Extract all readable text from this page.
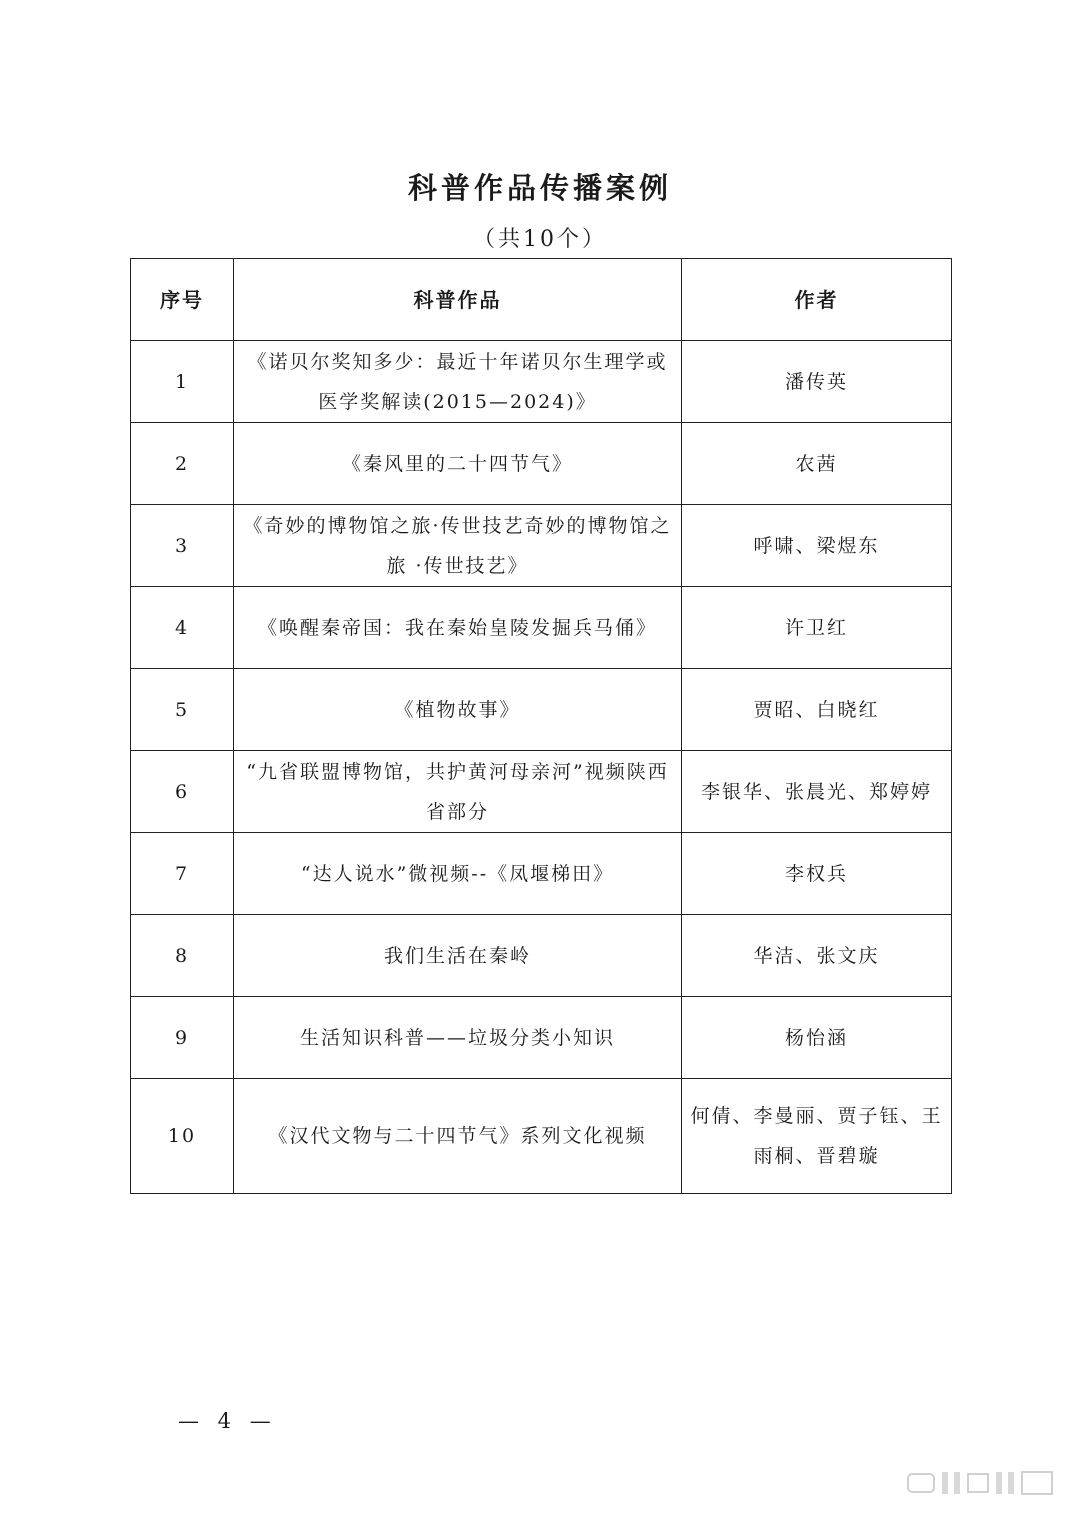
科普作品传播案例
（共10个）
序号	科普作品	作者
1	《诺贝尔奖知多少：最近十年诺贝尔生理学或医学奖解读(2015—2024)》	潘传英
2	《秦风里的二十四节气》	农茜
3	《奇妙的博物馆之旅·传世技艺奇妙的博物馆之旅 ·传世技艺》	呼啸、梁煜东
4	《唤醒秦帝国：我在秦始皇陵发掘兵马俑》	许卫红
5	《植物故事》	贾昭、白晓红
6	“九省联盟博物馆，共护黄河母亲河”视频陕西省部分	李银华、张晨光、郑婷婷
7	“达人说水”微视频--《凤堰梯田》	李权兵
8	我们生活在秦岭	华洁、张文庆
9	生活知识科普——垃圾分类小知识	杨怡涵
10	《汉代文物与二十四节气》系列文化视频	何倩、李曼丽、贾子钰、王雨桐、晋碧璇
— 4 —
